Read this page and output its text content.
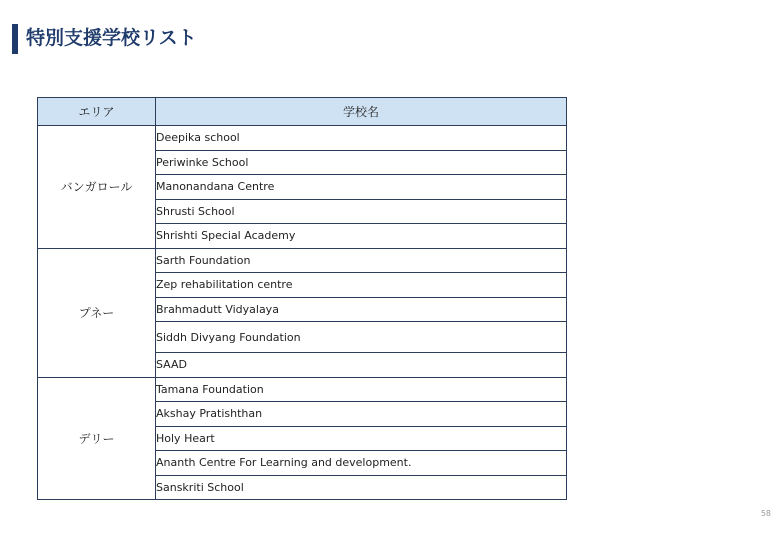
特別支援学校リスト
エリア	学校名
バンガロール	Deepika school
	Periwinke School
	Manonandana Centre
	Shrusti School
	Shrishti Special Academy
プネー	Sarth Foundation
	Zep rehabilitation centre
	Brahmadutt Vidyalaya
	Siddh Divyang Foundation
	SAAD
デリー	Tamana Foundation
	Akshay Pratishthan
	Holy Heart
	Ananth Centre For Learning and development.
	Sanskriti School
58
